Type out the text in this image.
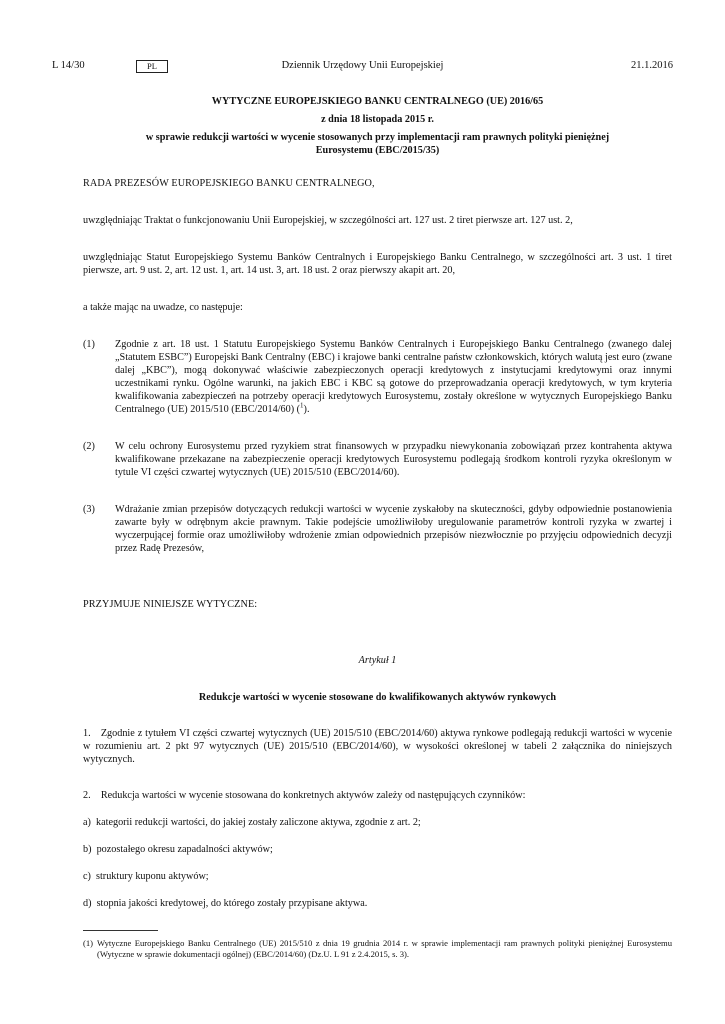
L 14/30	PL	Dziennik Urzędowy Unii Europejskiej	21.1.2016
WYTYCZNE EUROPEJSKIEGO BANKU CENTRALNEGO (UE) 2016/65
z dnia 18 listopada 2015 r.
w sprawie redukcji wartości w wycenie stosowanych przy implementacji ram prawnych polityki pieniężnej Eurosystemu (EBC/2015/35)

RADA PREZESÓW EUROPEJSKIEGO BANKU CENTRALNEGO,

uwzględniając Traktat o funkcjonowaniu Unii Europejskiej, w szczególności art. 127 ust. 2 tiret pierwsze art. 127 ust. 2,

uwzględniając Statut Europejskiego Systemu Banków Centralnych i Europejskiego Banku Centralnego, w szczególności art. 3 ust. 1 tiret pierwsze, art. 9 ust. 2, art. 12 ust. 1, art. 14 ust. 3, art. 18 ust. 2 oraz pierwszy akapit art. 20,

a także mając na uwadze, co następuje:

(1) Zgodnie z art. 18 ust. 1 Statutu Europejskiego Systemu Banków Centralnych i Europejskiego Banku Centralnego (zwanego dalej „Statutem ESBC”) Europejski Bank Centralny (EBC) i krajowe banki centralne państw członkowskich, których walutą jest euro (zwane dalej „KBC”), mogą dokonywać właściwie zabezpieczonych operacji kredytowych z instytucjami kredytowymi oraz innymi uczestnikami rynku. Ogólne warunki, na jakich EBC i KBC są gotowe do przeprowadzania operacji kredytowych, w tym kryteria kwalifikowania zabezpieczeń na potrzeby operacji kredytowych Eurosystemu, zostały określone w wytycznych Europejskiego Banku Centralnego (UE) 2015/510 (EBC/2014/60) ($^1$).
(2) W celu ochrony Eurosystemu przed ryzykiem strat finansowych w przypadku niewykonania zobowiązań przez kontrahenta aktywa kwalifikowane przekazane na zabezpieczenie operacji kredytowych Eurosystemu podlegają środkom kontroli ryzyka określonym w tytule VI części czwartej wytycznych (UE) 2015/510 (EBC/2014/60).
(3) Wdrażanie zmian przepisów dotyczących redukcji wartości w wycenie zyskałoby na skuteczności, gdyby odpowiednie postanowienia zawarte były w odrębnym akcie prawnym. Takie podejście umożliwiłoby uregulowanie parametrów kontroli ryzyka w zwartej i wyczerpującej formie oraz umożliwiłoby wdrożenie zmian odpowiednich przepisów niezwłocznie po przyjęciu odpowiednich decyzji przez Radę Prezesów,

PRZYJMUJE NINIEJSZE WYTYCZNE:

Artykuł 1

Redukcje wartości w wycenie stosowane do kwalifikowanych aktywów rynkowych

1. Zgodnie z tytułem VI części czwartej wytycznych (UE) 2015/510 (EBC/2014/60) aktywa rynkowe podlegają redukcji wartości w wycenie w rozumieniu art. 2 pkt 97 wytycznych (UE) 2015/510 (EBC/2014/60), w wysokości określonej w tabeli 2 załącznika do niniejszych wytycznych.

2. Redukcja wartości w wycenie stosowana do konkretnych aktywów zależy od następujących czynników:

a) kategorii redukcji wartości, do jakiej zostały zaliczone aktywa, zgodnie z art. 2;

b) pozostałego okresu zapadalności aktywów;

c) struktury kuponu aktywów;

d) stopnia jakości kredytowej, do którego zostały przypisane aktywa.

(1) Wytyczne Europejskiego Banku Centralnego (UE) 2015/510 z dnia 19 grudnia 2014 r. w sprawie implementacji ram prawnych polityki pieniężnej Eurosystemu (Wytyczne w sprawie dokumentacji ogólnej) (EBC/2014/60) (Dz.U. L 91 z 2.4.2015, s. 3).
